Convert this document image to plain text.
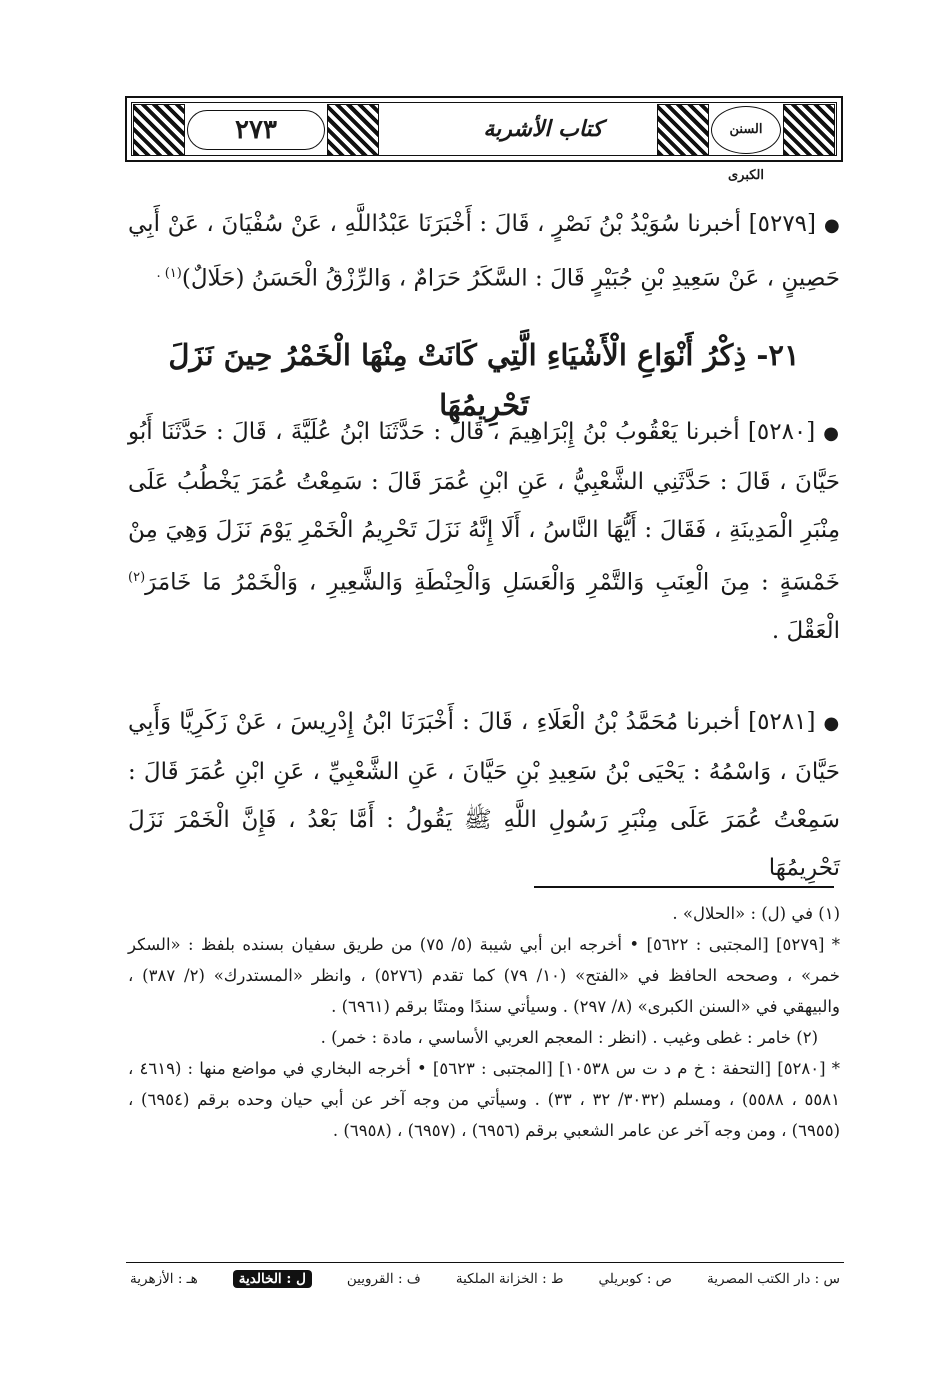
٢٧٣	كتاب الأشربة	السنن الكبرى
●[٥٢٧٩] أخبرنا سُوَيْدُ بْنُ نَصْرٍ ، قَالَ : أَخْبَرَنَا عَبْدُاللَّهِ ، عَنْ سُفْيَانَ ، عَنْ أَبِي حَصِينٍ ، عَنْ سَعِيدِ بْنِ جُبَيْرٍ قَالَ : السَّكَرُ حَرَامٌ ، وَالرِّزْقُ الْحَسَنُ (حَلَالٌ)$^{(١) .}$
٢١- ذِكْرُ أَنْوَاعِ الْأَشْيَاءِ الَّتِي كَانَتْ مِنْهَا الْخَمْرُ حِينَ نَزَلَ تَحْرِيمُهَا
●[٥٢٨٠] أخبرنا يَعْقُوبُ بْنُ إِبْرَاهِيمَ ، قَالَ : حَدَّثَنَا ابْنُ عُلَيَّةَ ، قَالَ : حَدَّثَنَا أَبُو حَيَّانَ ، قَالَ : حَدَّثَنِي الشَّعْبِيُّ ، عَنِ ابْنِ عُمَرَ قَالَ : سَمِعْتُ عُمَرَ يَخْطُبُ عَلَى مِنْبَرِ الْمَدِينَةِ ، فَقَالَ : أَيُّهَا النَّاسُ ، أَلَا إِنَّهُ نَزَلَ تَحْرِيمُ الْخَمْرِ يَوْمَ نَزَلَ وَهِيَ مِنْ خَمْسَةٍ : مِنَ الْعِنَبِ وَالتَّمْرِ وَالْعَسَلِ وَالْحِنْطَةِ وَالشَّعِيرِ ، وَالْخَمْرُ مَا خَامَرَ$^{(٢)}$ الْعَقْلَ .
●[٥٢٨١] أخبرنا مُحَمَّدُ بْنُ الْعَلَاءِ ، قَالَ : أَخْبَرَنَا ابْنُ إِدْرِيسَ ، عَنْ زَكَرِيَّا وَأَبِي حَيَّانَ ، وَاسْمُهُ : يَحْيَى بْنُ سَعِيدِ بْنِ حَيَّانَ ، عَنِ الشَّعْبِيِّ ، عَنِ ابْنِ عُمَرَ قَالَ : سَمِعْتُ عُمَرَ عَلَى مِنْبَرِ رَسُولِ اللَّهِ ﷺ يَقُولُ : أَمَّا بَعْدُ ، فَإِنَّ الْخَمْرَ نَزَلَ تَحْرِيمُهَا

(١) في (ل) : «الحلال» .

* [٥٢٧٩] [المجتبى : ٥٦٢٢] • أخرجه ابن أبي شيبة (٥/ ٧٥) من طريق سفيان بسنده بلفظ : «السكر خمر» ، وصححه الحافظ في «الفتح» (١٠/ ٧٩) كما تقدم (٥٢٧٦) ، وانظر «المستدرك» (٢/ ٣٨٧) ، والبيهقي في «السنن الكبرى» (٨/ ٢٩٧) . وسيأتي سندًا ومتنًا برقم (٦٩٦١) .

(٢) خامر : غطى وغيب . (انظر : المعجم العربي الأساسي ، مادة : خمر) .

* [٥٢٨٠] [التحفة : خ م د ت س ١٠٥٣٨] [المجتبى : ٥٦٢٣] • أخرجه البخاري في مواضع منها : (٤٦١٩ ، ٥٥٨١ ، ٥٥٨٨) ، ومسلم (٣٠٣٢/ ٣٢ ، ٣٣) . وسيأتي من وجه آخر عن أبي حيان وحده برقم (٦٩٥٤) ، (٦٩٥٥) ، ومن وجه آخر عن عامر الشعبي برقم (٦٩٥٦) ، (٦٩٥٧) ، (٦٩٥٨) .

س : دار الكتب المصرية
ص : كوبريلي
ط : الخزانة الملكية
ف : القرويين
ل : الخالدية
هـ : الأزهرية
